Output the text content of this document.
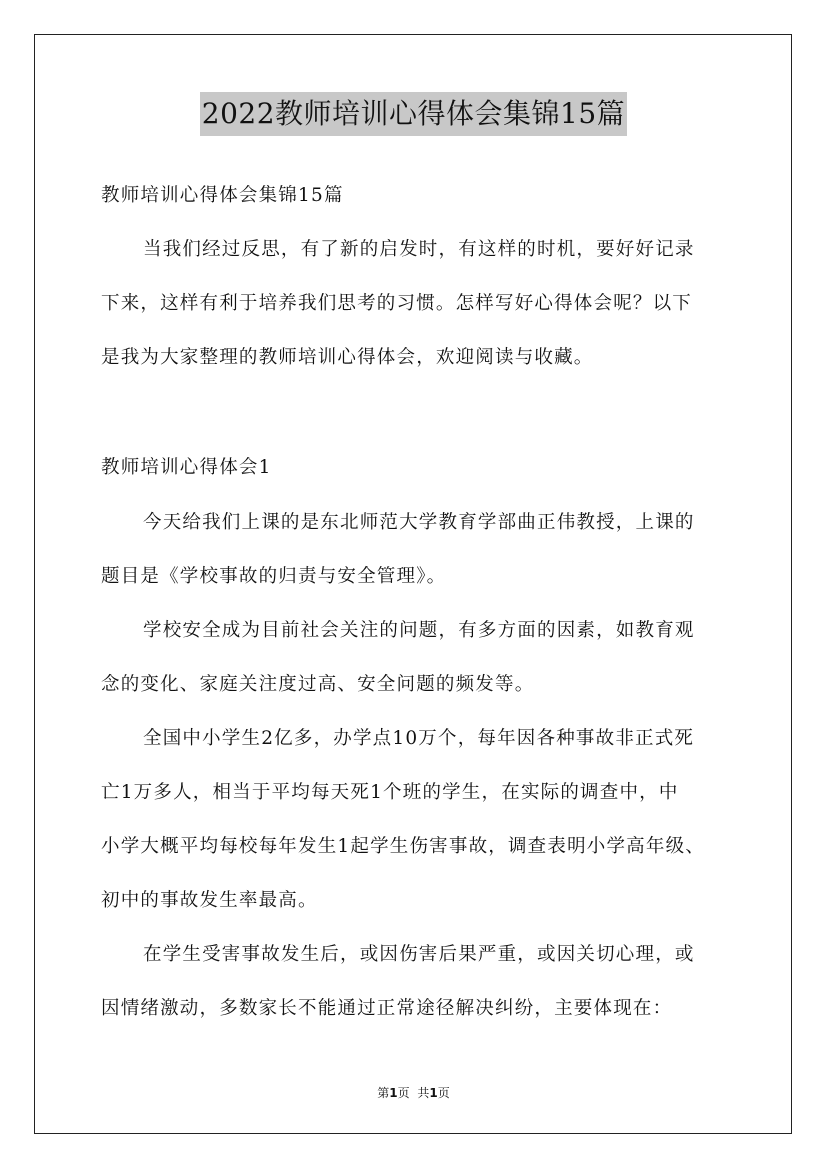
2022教师培训心得体会集锦15篇
教师培训心得体会集锦15篇
当我们经过反思，有了新的启发时，有这样的时机，要好好记录
下来，这样有利于培养我们思考的习惯。怎样写好心得体会呢？以下
是我为大家整理的教师培训心得体会，欢迎阅读与收藏。
教师培训心得体会1
今天给我们上课的是东北师范大学教育学部曲正伟教授，上课的
题目是《学校事故的归责与安全管理》。
学校安全成为目前社会关注的问题，有多方面的因素，如教育观
念的变化、家庭关注度过高、安全问题的频发等。
全国中小学生2亿多，办学点10万个，每年因各种事故非正式死
亡1万多人，相当于平均每天死1个班的学生，在实际的调查中，中
小学大概平均每校每年发生1起学生伤害事故，调查表明小学高年级、
初中的事故发生率最高。
在学生受害事故发生后，或因伤害后果严重，或因关切心理，或
因情绪激动，多数家长不能通过正常途径解决纠纷，主要体现在：
第1页 共1页
